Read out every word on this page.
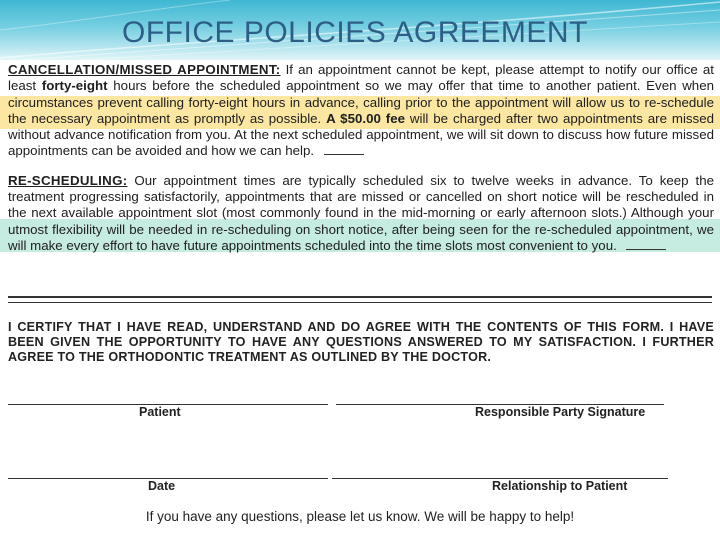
OFFICE POLICIES AGREEMENT

CANCELLATION/MISSED APPOINTMENT: If an appointment cannot be kept, please attempt to notify our office at least forty-eight hours before the scheduled appointment so we may offer that time to another patient. Even when circumstances prevent calling forty-eight hours in advance, calling prior to the appointment will allow us to re-schedule the necessary appointment as promptly as possible. A $50.00 fee will be charged after two appointments are missed without advance notification from you. At the next scheduled appointment, we will sit down to discuss how future missed appointments can be avoided and how we can help.

RE-SCHEDULING: Our appointment times are typically scheduled six to twelve weeks in advance. To keep the treatment progressing satisfactorily, appointments that are missed or cancelled on short notice will be rescheduled in the next available appointment slot (most commonly found in the mid-morning or early afternoon slots.) Although your utmost flexibility will be needed in re-scheduling on short notice, after being seen for the re-scheduled appointment, we will make every effort to have future appointments scheduled into the time slots most convenient to you.

I CERTIFY THAT I HAVE READ, UNDERSTAND AND DO AGREE WITH THE CONTENTS OF THIS FORM. I HAVE BEEN GIVEN THE OPPORTUNITY TO HAVE ANY QUESTIONS ANSWERED TO MY SATISFACTION. I FURTHER AGREE TO THE ORTHODONTIC TREATMENT AS OUTLINED BY THE DOCTOR.
Patient	Responsible Party Signature
Date	Relationship to Patient
If you have any questions, please let us know. We will be happy to help!
